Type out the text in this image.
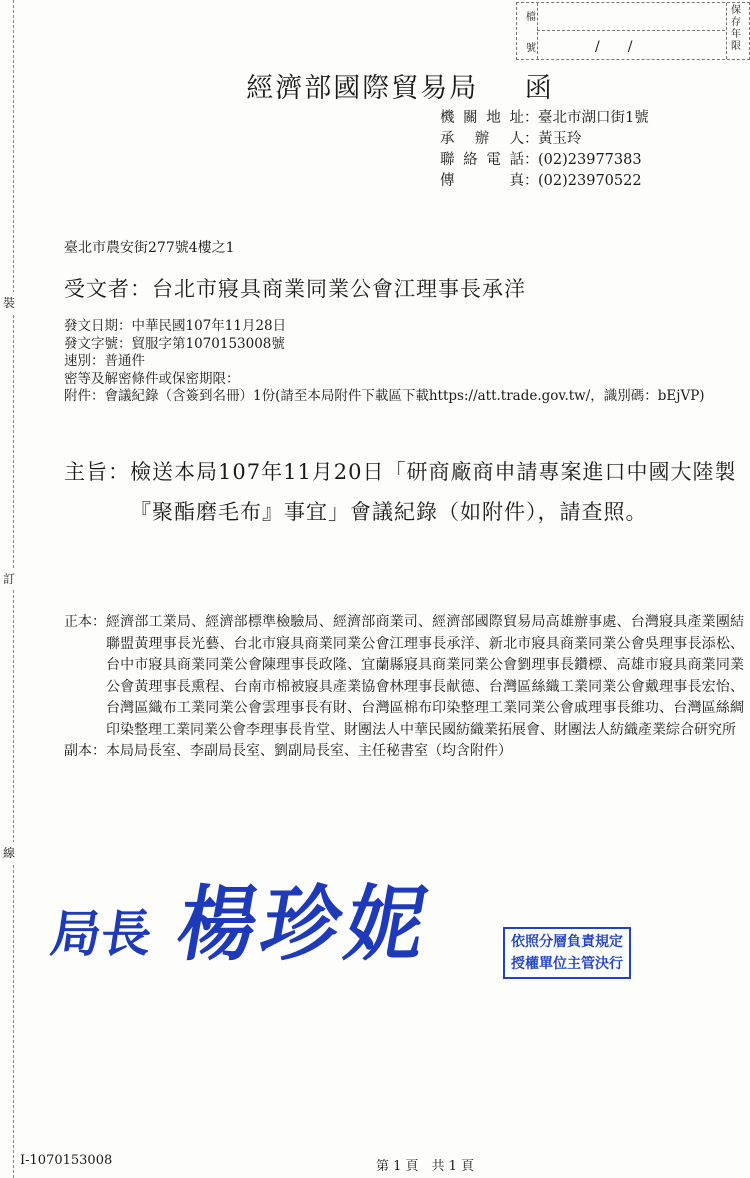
裝
訂
線
檔
號	/　　/
保存年限
經濟部國際貿易局 函
機關地址 ： 臺北市湖口街1號
承辦人 ： 黃玉玲
聯絡電話 ： (02)23977383
傳真 ： (02)23970522
臺北市農安街277號4樓之1
受文者：台北市寢具商業同業公會江理事長承洋
發文日期： 中華民國107年11月28日
發文字號： 貿服字第1070153008號
速別： 普通件
密等及解密條件或保密期限：
附件： 會議紀錄（含簽到名冊）1份(請至本局附件下載區下載https://att.trade.gov.tw/，識別碼：bEjVP)
主旨： 檢送本局107年11月20日「研商廠商申請專案進口中國大陸製『聚酯磨毛布』事宜」會議紀錄（如附件），請查照。
正本： 經濟部工業局、經濟部標準檢驗局、經濟部商業司、經濟部國際貿易局高雄辦事處、台灣寢具產業團結聯盟黃理事長光藝、台北市寢具商業同業公會江理事長承洋、新北市寢具商業同業公會吳理事長添松、台中市寢具商業同業公會陳理事長政隆、宜蘭縣寢具商業同業公會劉理事長鑽標、高雄市寢具商業同業公會黃理事長熏程、台南市棉被寢具產業協會林理事長献德、台灣區絲織工業同業公會戴理事長宏怡、台灣區織布工業同業公會雲理事長有財、台灣區棉布印染整理工業同業公會戚理事長維功、台灣區絲綢印染整理工業同業公會李理事長肯堂、財團法人中華民國紡織業拓展會、財團法人紡織產業綜合研究所
副本： 本局局長室、李副局長室、劉副局長室、主任秘書室（均含附件）
局長 楊珍妮	依照分層負責規定
授權單位主管決行
I-1070153008	第 1 頁　共 1 頁
